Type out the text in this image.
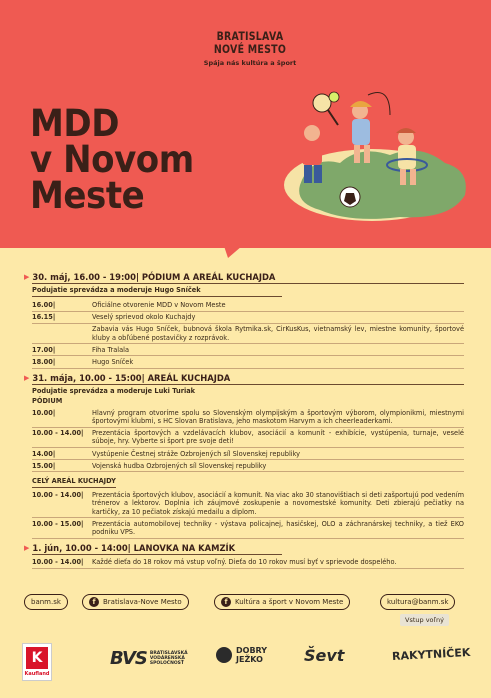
BRATISLAVA
NOVÉ MESTO
Spája nás kultúra a šport
MDD
v Novom
Meste
▶ 30. máj, 16.00 - 19:00| PÓDIUM A AREÁL KUCHAJDA
Podujatie sprevádza a moderuje Hugo Sníček
16.00|	Oficiálne otvorenie MDD v Novom Meste
16.15|	Veselý sprievod okolo Kuchajdy
Zabavia vás Hugo Sníček, bubnová škola Rytmika.sk, CirKusKus, vietnamský lev, miestne komunity, športové kluby a obľúbené postavičky z rozprávok.
17.00|	Fiha Tralala
18.00|	Hugo Sníček
▶ 31. mája, 10.00 - 15:00| AREÁL KUCHAJDA
Podujatie sprevádza a moderuje Luki Turiak
PÓDIUM
10.00|	Hlavný program otvoríme spolu so Slovenským olympijským a športovým výborom, olympionikmi, miestnymi športovými klubmi, s HC Slovan Bratislava, jeho maskotom Harvym a ich cheerleaderkami.
10.00 - 14.00|	Prezentácia športových a vzdelávacích klubov, asociácií a komunít - exhibície, vystúpenia, turnaje, veselé súboje, hry. Vyberte si šport pre svoje deti!
14.00|	Vystúpenie Čestnej stráže Ozbrojených síl Slovenskej republiky
15.00|	Vojenská hudba Ozbrojených síl Slovenskej republiky
CELÝ AREÁL KUCHAJDY
10.00 - 14.00|	Prezentácia športových klubov, asociácií a komunít. Na viac ako 30 stanovištiach si deti zašportujú pod vedením trénerov a lektorov. Doplnia ich záujmové zoskupenie a novomestské komunity. Deti zbierajú pečiatky na kartičky, za 10 pečiatok získajú medailu a diplom.
10.00 - 15.00|	Prezentácia automobilovej techniky - výstava policajnej, hasičskej, OLO a záchranárskej techniky, a tiež EKO podniku VPS.
▶ 1. jún, 10.00 - 14:00| LANOVKA NA KAMZÍK
10.00 - 14.00|	Každé dieťa do 18 rokov má vstup voľný. Dieťa do 10 rokov musí byť v sprievode dospelého.
banm.sk	f	Bratislava-Nove Mesto	f	Kultúra a šport v Novom Meste	kultura@banm.sk
Vstup voľný
K
Kaufland
BVS BRATISLAVSKÁ
VODÁRENSKÁ
SPOLOČNOSŤ
DOBRY
JEŽKO	Ševt	RAKYTNÍČEK
